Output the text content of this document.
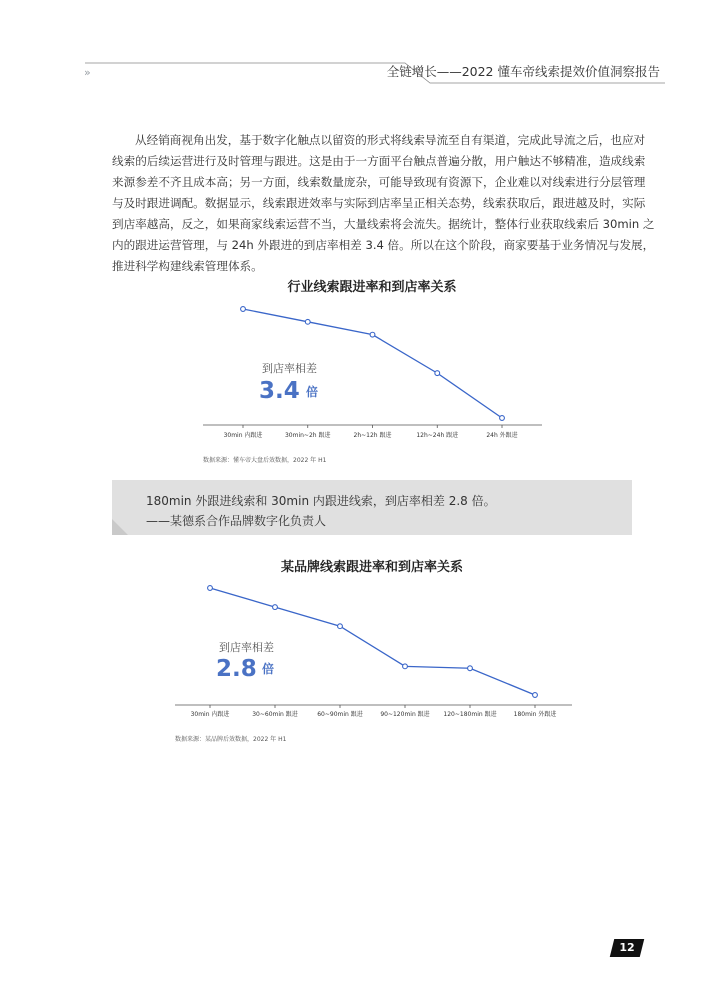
»	全链增长——2022 懂车帝线索提效价值洞察报告

从经销商视角出发，基于数字化触点以留资的形式将线索导流至自有渠道，完成此导流之后，也应对
线索的后续运营进行及时管理与跟进。这是由于一方面平台触点普遍分散，用户触达不够精准，造成线索
来源参差不齐且成本高；另一方面，线索数量庞杂，可能导致现有资源下，企业难以对线索进行分层管理
与及时跟进调配。数据显示，线索跟进效率与实际到店率呈正相关态势，线索获取后，跟进越及时，实际
到店率越高，反之，如果商家线索运营不当，大量线索将会流失。据统计，整体行业获取线索后 30min 之
内的跟进运营管理，与 24h 外跟进的到店率相差 3.4 倍。所以在这个阶段，商家要基于业务情况与发展，
推进科学构建线索管理体系。

行业线索跟进率和到店率关系
到店率相差
3.4 倍
30min 内跟进	30min~2h 跟进	2h~12h 跟进	12h~24h 跟进	24h 外跟进
数据来源：懂车帝大盘后效数据，2022 年 H1
180min 外跟进线索和 30min 内跟进线索，到店率相差 2.8 倍。
——某德系合作品牌数字化负责人
某品牌线索跟进率和到店率关系
到店率相差
2.8 倍
30min 内跟进	30~60min 跟进	60~90min 跟进	90~120min 跟进 120~180min 跟进	180min 外跟进
数据来源：某品牌后效数据，2022 年 H1
12
